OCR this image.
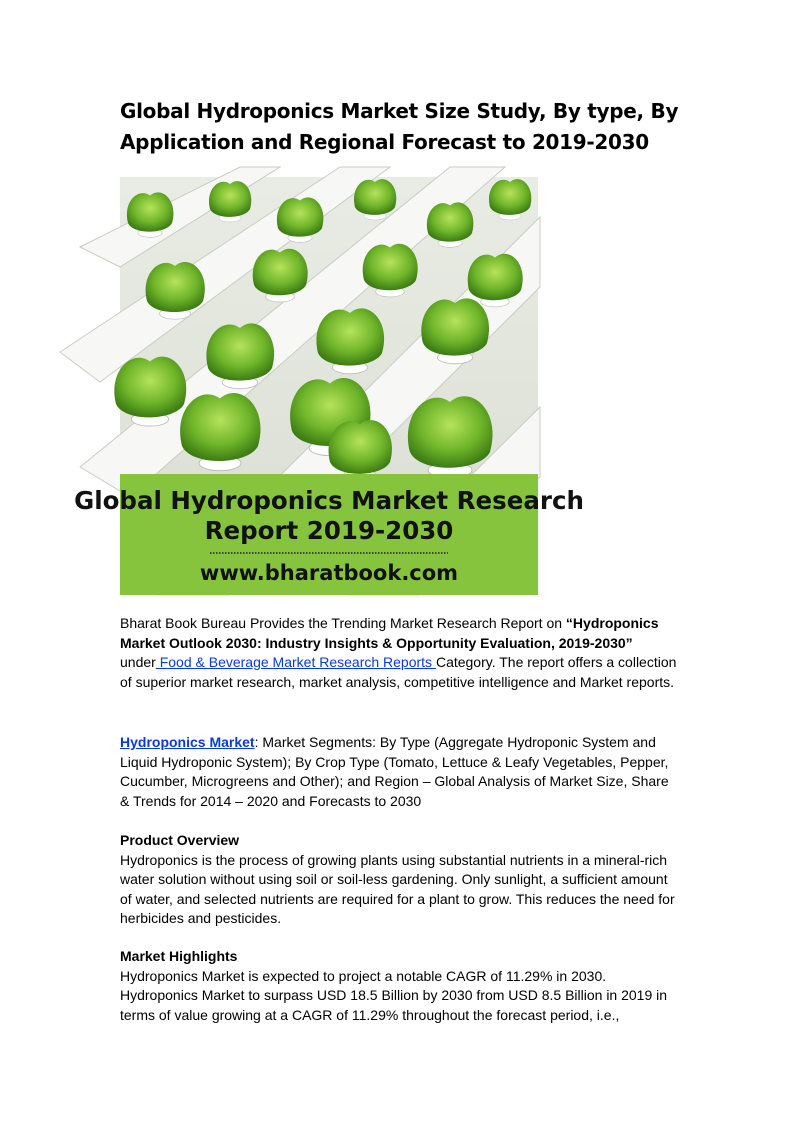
Global Hydroponics Market Size Study, By type, By Application and Regional Forecast to 2019-2030
Global Hydroponics Market Research
Report 2019-2030
www.bharatbook.com

Bharat Book Bureau Provides the Trending Market Research Report on “Hydroponics Market Outlook 2030: Industry Insights & Opportunity Evaluation, 2019-2030”
under Food & Beverage Market Research Reports Category. The report offers a collection of superior market research, market analysis, competitive intelligence and Market reports.

Hydroponics Market: Market Segments: By Type (Aggregate Hydroponic System and Liquid Hydroponic System); By Crop Type (Tomato, Lettuce & Leafy Vegetables, Pepper, Cucumber, Microgreens and Other); and Region – Global Analysis of Market Size, Share & Trends for 2014 – 2020 and Forecasts to 2030

Product Overview
Hydroponics is the process of growing plants using substantial nutrients in a mineral-rich water solution without using soil or soil-less gardening. Only sunlight, a sufficient amount of water, and selected nutrients are required for a plant to grow. This reduces the need for herbicides and pesticides.

Market Highlights
Hydroponics Market is expected to project a notable CAGR of 11.29% in 2030. Hydroponics Market to surpass USD 18.5 Billion by 2030 from USD 8.5 Billion in 2019 in terms of value growing at a CAGR of 11.29% throughout the forecast period, i.e.,
